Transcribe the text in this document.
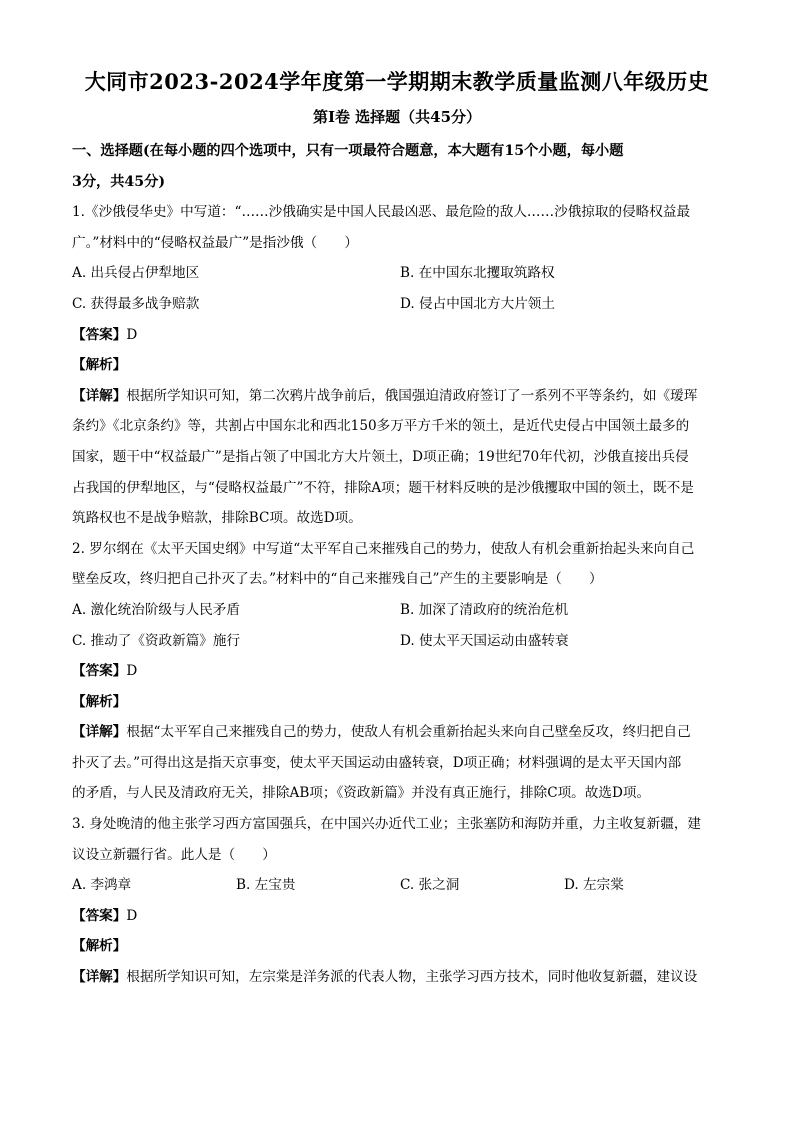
大同市2023-2024学年度第一学期期末教学质量监测八年级历史
第Ⅰ卷 选择题（共45分）
一、选择题(在每小题的四个选项中，只有一项最符合题意，本大题有15个小题，每小题
3分，共45分)
1.《沙俄侵华史》中写道：“……沙俄确实是中国人民最凶恶、最危险的敌人……沙俄掠取的侵略权益最
广。”材料中的“侵略权益最广”是指沙俄（　　）
A. 出兵侵占伊犁地区	B. 在中国东北攫取筑路权
C. 获得最多战争赔款	D. 侵占中国北方大片领土
【答案】D
【解析】
【详解】根据所学知识可知，第二次鸦片战争前后，俄国强迫清政府签订了一系列不平等条约，如《瑷珲
条约》《北京条约》等，共割占中国东北和西北150多万平方千米的领土，是近代史侵占中国领土最多的
国家，题干中“权益最广”是指占领了中国北方大片领土，D项正确；19世纪70年代初，沙俄直接出兵侵
占我国的伊犁地区，与“侵略权益最广”不符，排除A项；题干材料反映的是沙俄攫取中国的领土，既不是
筑路权也不是战争赔款，排除BC项。故选D项。
2. 罗尔纲在《太平天国史纲》中写道“太平军自己来摧残自己的势力，使敌人有机会重新抬起头来向自己
壁垒反攻，终归把自己扑灭了去。”材料中的“自己来摧残自己”产生的主要影响是（　　）
A. 激化统治阶级与人民矛盾	B. 加深了清政府的统治危机
C. 推动了《资政新篇》施行	D. 使太平天国运动由盛转衰
【答案】D
【解析】
【详解】根据“太平军自己来摧残自己的势力，使敌人有机会重新抬起头来向自己壁垒反攻，终归把自己
扑灭了去。”可得出这是指天京事变，使太平天国运动由盛转衰，D项正确；材料强调的是太平天国内部
的矛盾，与人民及清政府无关，排除AB项；《资政新篇》并没有真正施行，排除C项。故选D项。
3. 身处晚清的他主张学习西方富国强兵，在中国兴办近代工业；主张塞防和海防并重，力主收复新疆，建
议设立新疆行省。此人是（　　）
A. 李鸿章	B. 左宝贵	C. 张之洞	D. 左宗棠
【答案】D
【解析】
【详解】根据所学知识可知，左宗棠是洋务派的代表人物，主张学习西方技术，同时他收复新疆，建议设
